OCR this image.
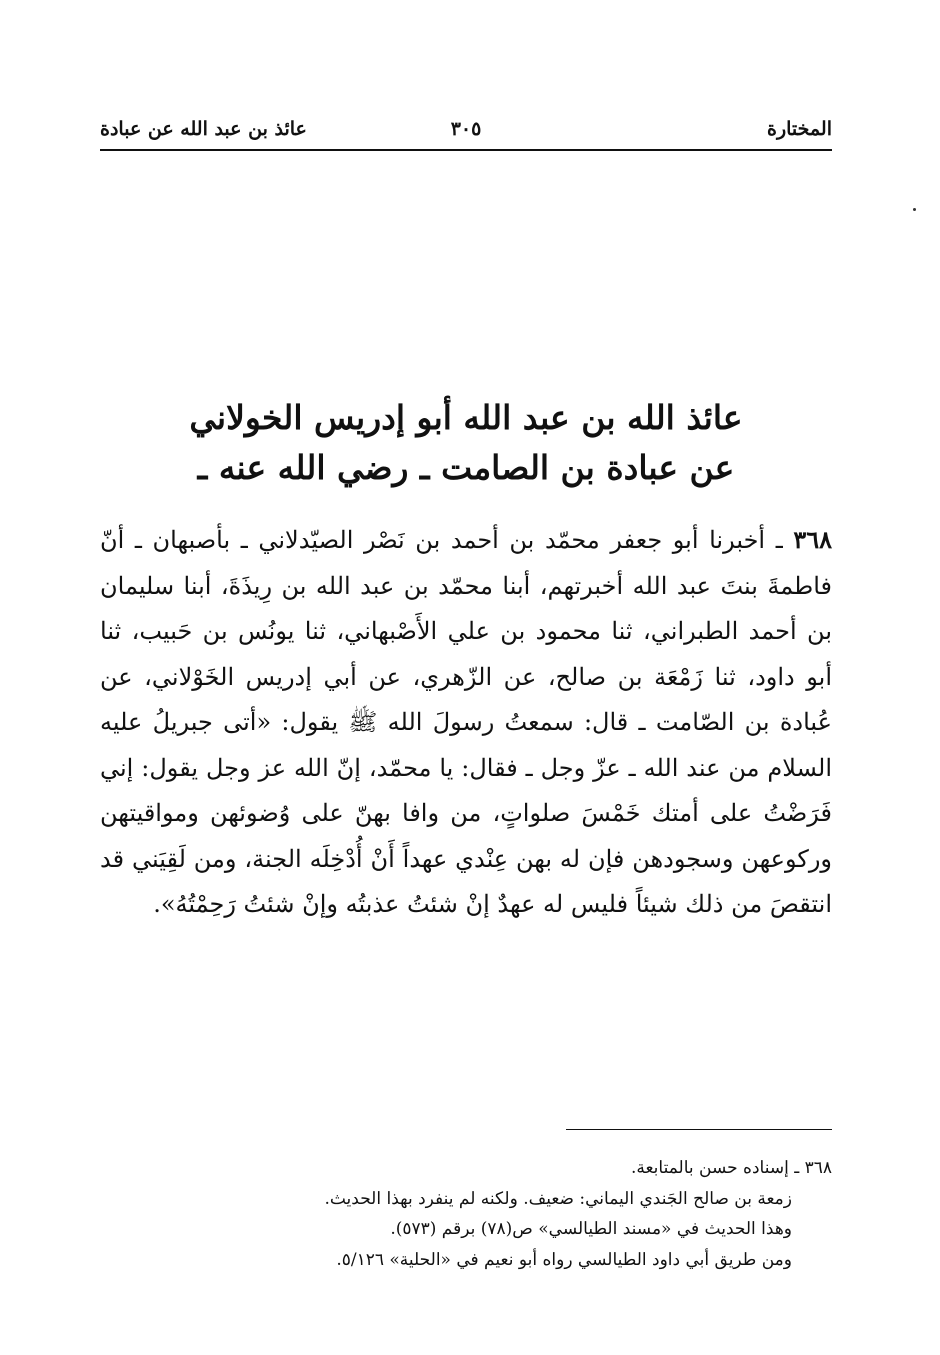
المختارة
٣٠٥
عائذ بن عبد الله عن عبادة
عائذ الله بن عبد الله أبو إدريس الخولاني
عن عبادة بن الصامت ـ رضي الله عنه ـ

٣٦٨ ـ أخبرنا أبو جعفر محمّد بن أحمد بن نَصْر الصيّدلاني ـ بأصبهان ـ أنّ فاطمةَ بنتَ عبد الله أخبرتهم، أبنا محمّد بن عبد الله بن رِيذَةَ، أبنا سليمان بن أحمد الطبراني، ثنا محمود بن علي الأَصْبهاني، ثنا يونُس بن حَبيب، ثنا أبو داود، ثنا زَمْعَة بن صالح، عن الزّهري، عن أبي إدريس الخَوْلاني، عن عُبادة بن الصّامت ـ قال: سمعتُ رسولَ الله ﷺ يقول: «أتى جبريلُ عليه السلام من عند الله ـ عزّ وجل ـ فقال: يا محمّد، إنّ الله عز وجل يقول: إني فَرَضْتُ على أمتك خَمْسَ صلواتٍ، من وافا بهنّ على وُضوئهن ومواقيتهن وركوعهن وسجودهن فإن له بهن عِنْدي عهداً أَنْ أُدْخِلَه الجنة، ومن لَقِيَني قد انتقصَ من ذلك شيئاً فليس له عهدٌ إنْ شئتُ عذبتُه وإنْ شئتُ رَحِمْتُهُ».

٣٦٨ ـ إسناده حسن بالمتابعة.
زمعة بن صالح الجَندي اليماني: ضعيف. ولكنه لم ينفرد بهذا الحديث.
وهذا الحديث في «مسند الطيالسي» ص(٧٨) برقم (٥٧٣).
ومن طريق أبي داود الطيالسي رواه أبو نعيم في «الحلية» ٥/١٢٦.
